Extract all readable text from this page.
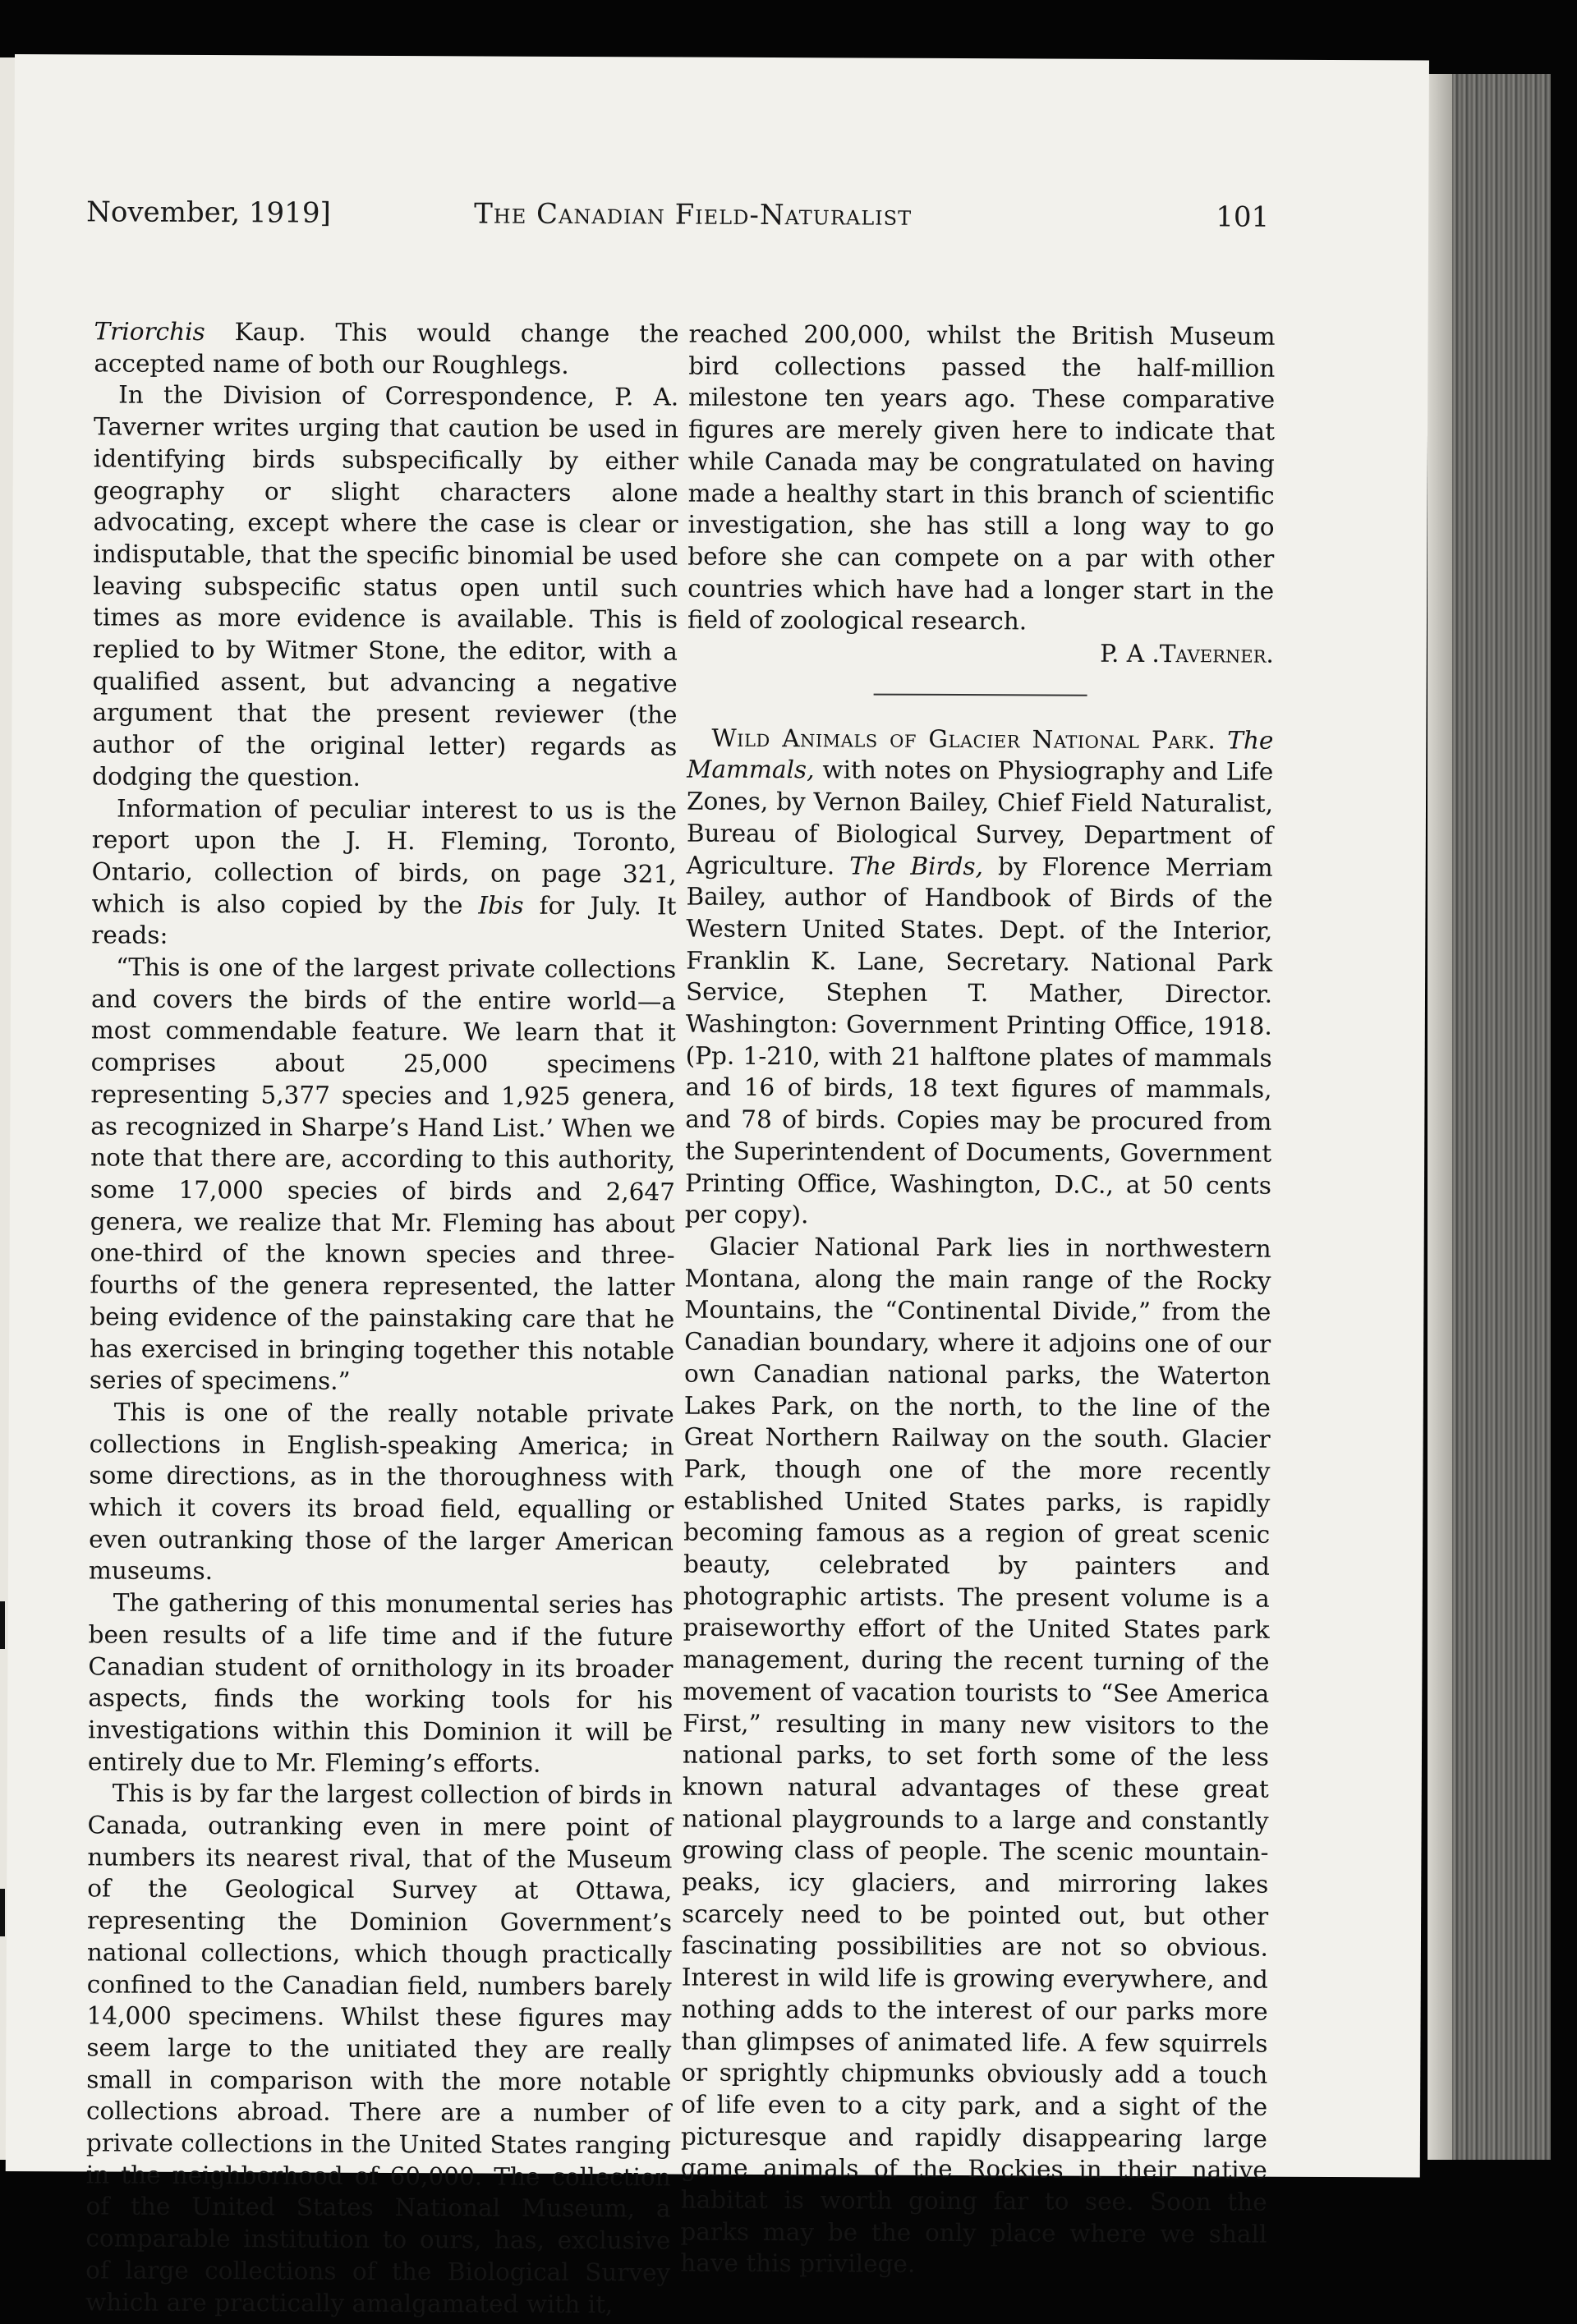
November, 1919]	The Canadian Field-Naturalist	101

Triorchis Kaup. This would change the accepted name of both our Roughlegs.

In the Division of Correspondence, P. A. Taverner writes urging that caution be used in identifying birds subspecifically by either geography or slight characters alone advocating, except where the case is clear or indisputable, that the specific binomial be used leaving subspecific status open until such times as more evidence is available. This is replied to by Witmer Stone, the editor, with a qualified assent, but advancing a negative argument that the present reviewer (the author of the original letter) regards as dodging the question.

Information of peculiar interest to us is the report upon the J. H. Fleming, Toronto, Ontario, collection of birds, on page 321, which is also copied by the Ibis for July. It reads:

“This is one of the largest private collections and covers the birds of the entire world—a most commendable feature. We learn that it comprises about 25,000 specimens representing 5,377 species and 1,925 genera, as recognized in Sharpe’s Hand List.’ When we note that there are, according to this authority, some 17,000 species of birds and 2,647 genera, we realize that Mr. Fleming has about one-third of the known species and three-fourths of the genera represented, the latter being evidence of the painstaking care that he has exercised in bringing together this notable series of specimens.”

This is one of the really notable private collections in English-speaking America; in some directions, as in the thoroughness with which it covers its broad field, equalling or even outranking those of the larger American museums.

The gathering of this monumental series has been results of a life time and if the future Canadian student of ornithology in its broader aspects, finds the working tools for his investigations within this Dominion it will be entirely due to Mr. Fleming’s efforts.

This is by far the largest collection of birds in Canada, outranking even in mere point of numbers its nearest rival, that of the Museum of the Geological Survey at Ottawa, representing the Dominion Government’s national collections, which though practically confined to the Canadian field, numbers barely 14,000 specimens. Whilst these figures may seem large to the unitiated they are really small in comparison with the more notable collections abroad. There are a number of private collections in the United States ranging in the neighborhood of 60,000. The collection of the United States National Museum, a comparable institution to ours, has, exclusive of large collections of the Biological Survey which are practically amalgamated with it,

reached 200,000, whilst the British Museum bird collections passed the half-million milestone ten years ago. These comparative figures are merely given here to indicate that while Canada may be congratulated on having made a healthy start in this branch of scientific investigation, she has still a long way to go before she can compete on a par with other countries which have had a longer start in the field of zoological research.

P. A .Taverner.

Wild Animals of Glacier National Park. The Mammals, with notes on Physiography and Life Zones, by Vernon Bailey, Chief Field Naturalist, Bureau of Biological Survey, Department of Agriculture. The Birds, by Florence Merriam Bailey, author of Handbook of Birds of the Western United States. Dept. of the Interior, Franklin K. Lane, Secretary. National Park Service, Stephen T. Mather, Director. Washington: Government Printing Office, 1918. (Pp. 1-210, with 21 halftone plates of mammals and 16 of birds, 18 text figures of mammals, and 78 of birds. Copies may be procured from the Superintendent of Documents, Government Printing Office, Washington, D.C., at 50 cents per copy).

Glacier National Park lies in northwestern Montana, along the main range of the Rocky Mountains, the “Continental Divide,” from the Canadian boundary, where it adjoins one of our own Canadian national parks, the Waterton Lakes Park, on the north, to the line of the Great Northern Railway on the south. Glacier Park, though one of the more recently established United States parks, is rapidly becoming famous as a region of great scenic beauty, celebrated by painters and photographic artists. The present volume is a praiseworthy effort of the United States park management, during the recent turning of the movement of vacation tourists to “See America First,” resulting in many new visitors to the national parks, to set forth some of the less known natural advantages of these great national playgrounds to a large and constantly growing class of people. The scenic mountain-peaks, icy glaciers, and mirroring lakes scarcely need to be pointed out, but other fascinating possibilities are not so obvious. Interest in wild life is growing everywhere, and nothing adds to the interest of our parks more than glimpses of animated life. A few squirrels or sprightly chipmunks obviously add a touch of life even to a city park, and a sight of the picturesque and rapidly disappearing large game animals of the Rockies in their native habitat is worth going far to see. Soon the parks may be the only place where we shall have this privilege.
